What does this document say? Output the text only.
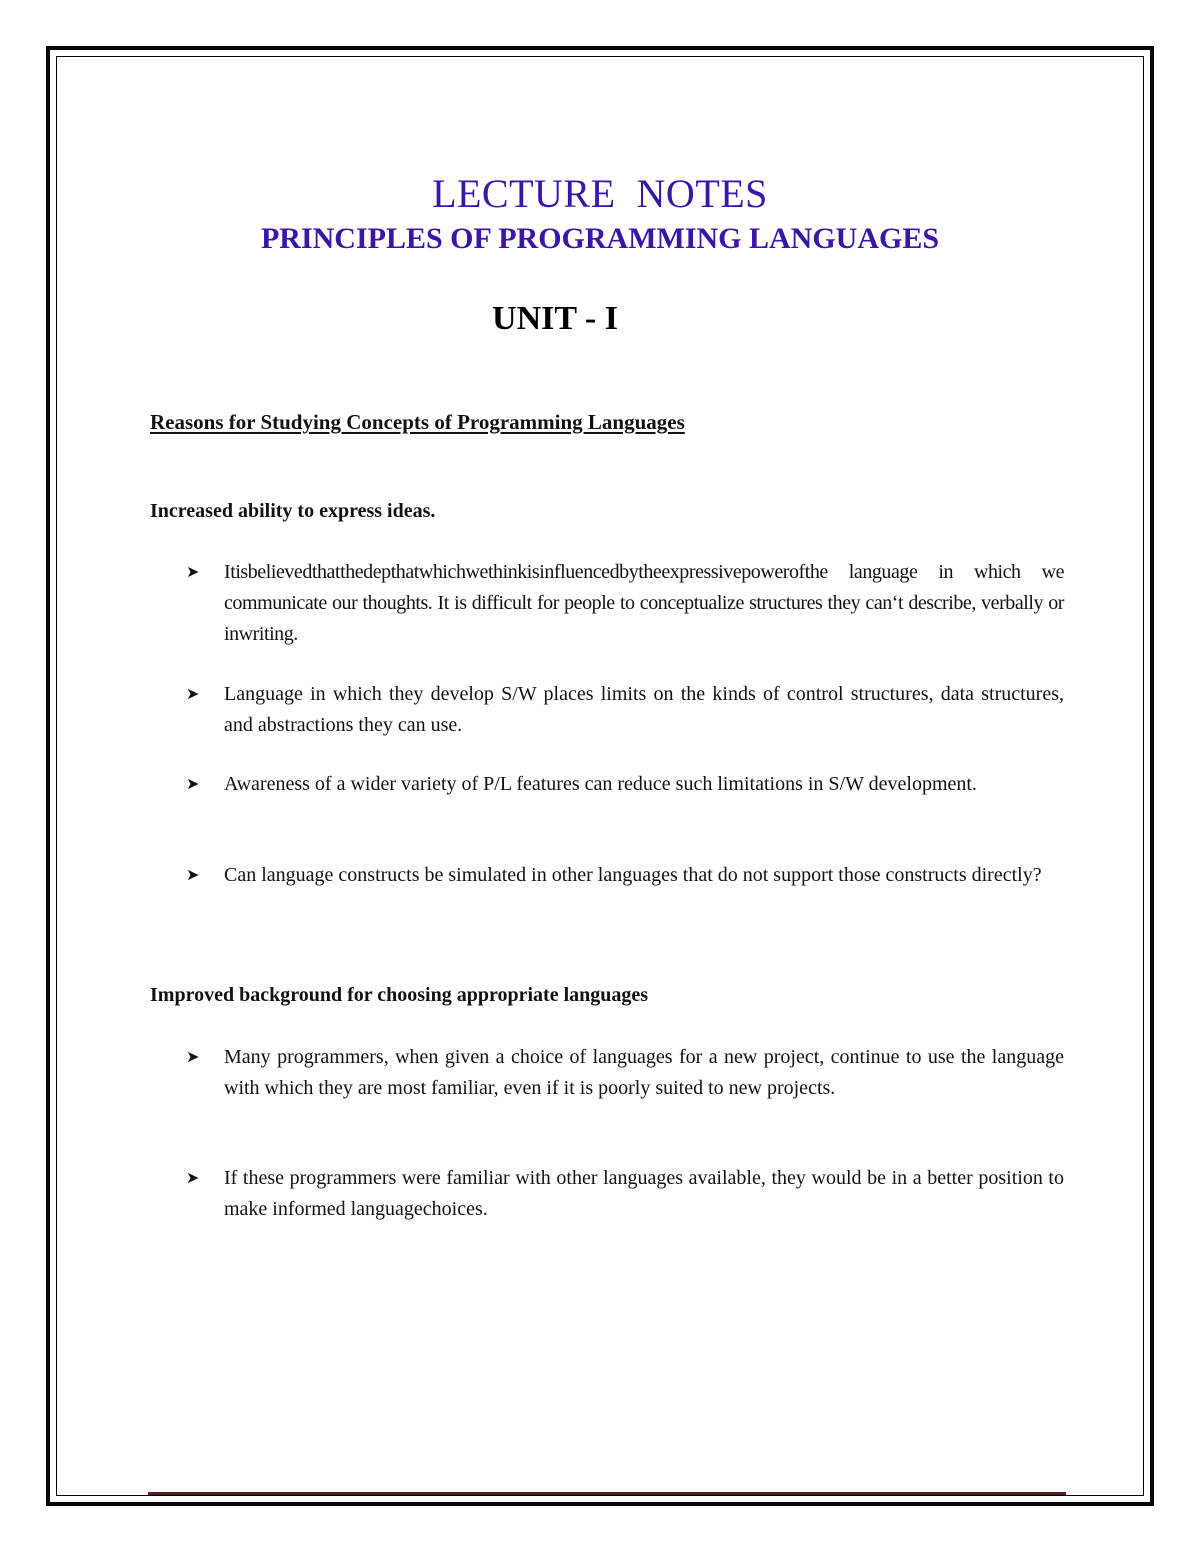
LECTURE  NOTES
PRINCIPLES OF PROGRAMMING LANGUAGES
UNIT - I
Reasons for Studying Concepts of Programming Languages
Increased ability to express ideas.
➤ Itisbelievedthatthedepthatwhichwethinkisinfluencedbytheexpressivepowerofthe language in which we communicate our thoughts. It is difficult for people to conceptualize structures they can‘t describe, verbally or inwriting.
➤ Language in which they develop S/W places limits on the kinds of control structures, data structures, and abstractions they can use.
➤ Awareness of a wider variety of P/L features can reduce such limitations in S/W development.
➤ Can language constructs be simulated in other languages that do not support those constructs directly?
Improved background for choosing appropriate languages
➤ Many programmers, when given a choice of languages for a new project, continue to use the language with which they are most familiar, even if it is poorly suited to new projects.
➤ If these programmers were familiar with other languages available, they would be in a better position to make informed languagechoices.
